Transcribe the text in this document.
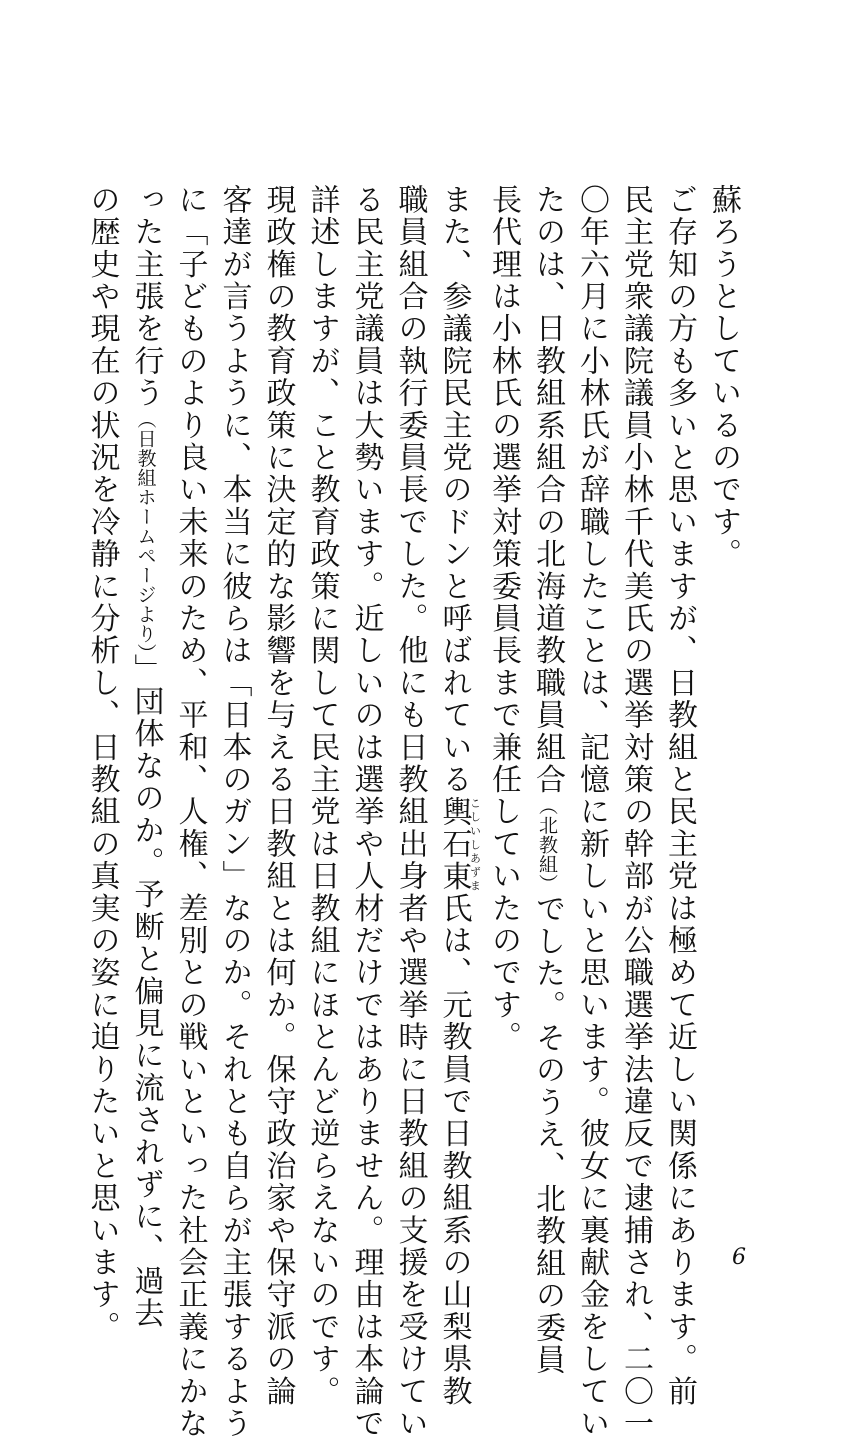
蘇ろうとしているのです。

ご存知の方も多いと思いますが、日教組と民主党は極めて近しい関係にあります。前

民主党衆議院議員小林千代美氏の選挙対策の幹部が公職選挙法違反で逮捕され、二〇一

〇年六月に小林氏が辞職したことは、記憶に新しいと思います。彼女に裏献金をしてい

たのは、日教組系組合の北海道教職員組合（北教組）でした。そのうえ、北教組の委員

長代理は小林氏の選挙対策委員長まで兼任していたのです。

また、参議院民主党のドンと呼ばれている輿石東こしいしあずま氏は、元教員で日教組系の山梨県教

職員組合の執行委員長でした。他にも日教組出身者や選挙時に日教組の支援を受けてい

る民主党議員は大勢います。近しいのは選挙や人材だけではありません。理由は本論で

詳述しますが、こと教育政策に関して民主党は日教組にほとんど逆らえないのです。

現政権の教育政策に決定的な影響を与える日教組とは何か。保守政治家や保守派の論

客達が言うように、本当に彼らは「日本のガン」なのか。それとも自らが主張するよう

に「子どものより良い未来のため、平和、人権、差別との戦いといった社会正義にかな

った主張を行う（日教組ホームページより）」団体なのか。予断と偏見に流されずに、過去

の歴史や現在の状況を冷静に分析し、日教組の真実の姿に迫りたいと思います。	6
